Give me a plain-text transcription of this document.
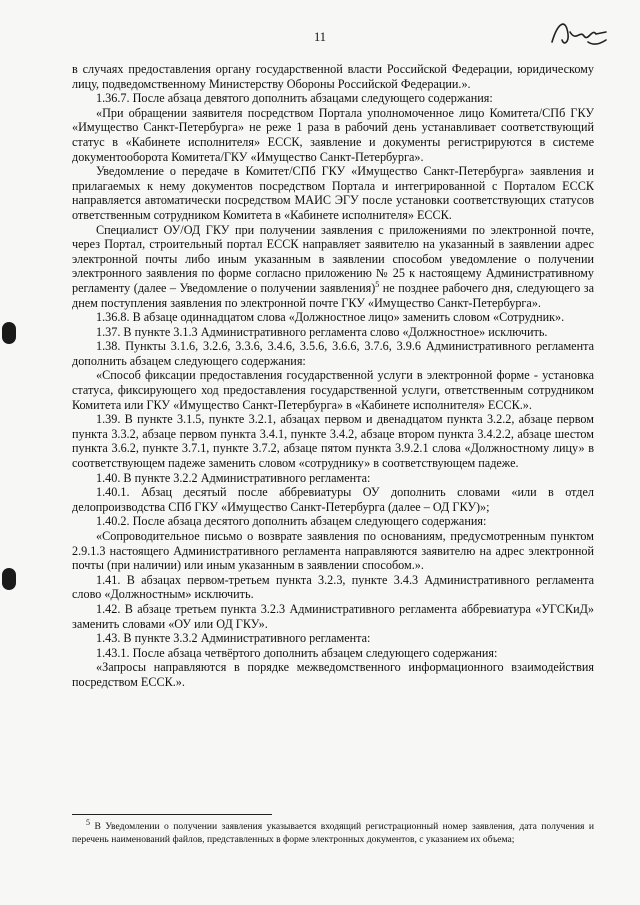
11

в случаях предоставления органу государственной власти Российской Федерации, юридическому лицу, подведомственному Министерству Обороны Российской Федерации.».

1.36.7. После абзаца девятого дополнить абзацами следующего содержания:

«При обращении заявителя посредством Портала уполномоченное лицо Комитета/СПб ГКУ «Имущество Санкт-Петербурга» не реже 1 раза в рабочий день устанавливает соответствующий статус в «Кабинете исполнителя» ЕССК, заявление и документы регистрируются в системе документооборота Комитета/ГКУ «Имущество Санкт-Петербурга».

Уведомление о передаче в Комитет/СПб ГКУ «Имущество Санкт-Петербурга» заявления и прилагаемых к нему документов посредством Портала и интегрированной с Порталом ЕССК направляется автоматически посредством МАИС ЭГУ после установки соответствующих статусов ответственным сотрудником Комитета в «Кабинете исполнителя» ЕССК.

Специалист ОУ/ОД ГКУ при получении заявления с приложениями по электронной почте, через Портал, строительный портал ЕССК направляет заявителю на указанный в заявлении адрес электронной почты либо иным указанным в заявлении способом уведомление о получении электронного заявления по форме согласно приложению № 25 к настоящему Административному регламенту (далее – Уведомление о получении заявления)$^5$ не позднее рабочего дня, следующего за днем поступления заявления по электронной почте ГКУ «Имущество Санкт-Петербурга».

1.36.8. В абзаце одиннадцатом слова «Должностное лицо» заменить словом «Сотрудник».

1.37. В пункте 3.1.3 Административного регламента слово «Должностное» исключить.

1.38. Пункты 3.1.6, 3.2.6, 3.3.6, 3.4.6, 3.5.6, 3.6.6, 3.7.6, 3.9.6 Административного регламента дополнить абзацем следующего содержания:

«Способ фиксации предоставления государственной услуги в электронной форме - установка статуса, фиксирующего ход предоставления государственной услуги, ответственным сотрудником Комитета или ГКУ «Имущество Санкт-Петербурга» в «Кабинете исполнителя» ЕССК.».

1.39. В пункте 3.1.5, пункте 3.2.1, абзацах первом и двенадцатом пункта 3.2.2, абзаце первом пункта 3.3.2, абзаце первом пункта 3.4.1, пункте 3.4.2, абзаце втором пункта 3.4.2.2, абзаце шестом пункта 3.6.2, пункте 3.7.1, пункте 3.7.2, абзаце пятом пункта 3.9.2.1 слова «Должностному лицу» в соответствующем падеже заменить словом «сотруднику» в соответствующем падеже.

1.40. В пункте 3.2.2 Административного регламента:

1.40.1. Абзац десятый после аббревиатуры ОУ дополнить словами «или в отдел делопроизводства СПб ГКУ «Имущество Санкт-Петербурга (далее – ОД ГКУ)»;

1.40.2. После абзаца десятого дополнить абзацем следующего содержания:

«Сопроводительное письмо о возврате заявления по основаниям, предусмотренным пунктом 2.9.1.3 настоящего Административного регламента направляются заявителю на адрес электронной почты (при наличии) или иным указанным в заявлении способом.».

1.41. В абзацах первом-третьем пункта 3.2.3, пункте 3.4.3 Административного регламента слово «Должностным» исключить.

1.42. В абзаце третьем пункта 3.2.3 Административного регламента аббревиатура «УГСКиД» заменить словами «ОУ или ОД ГКУ».

1.43. В пункте 3.3.2 Административного регламента:

1.43.1. После абзаца четвёртого дополнить абзацем следующего содержания:

«Запросы направляются в порядке межведомственного информационного взаимодействия посредством ЕССК.».

$^5$ В Уведомлении о получении заявления указывается входящий регистрационный номер заявления, дата получения и перечень наименований файлов, представленных в форме электронных документов, с указанием их объема;
